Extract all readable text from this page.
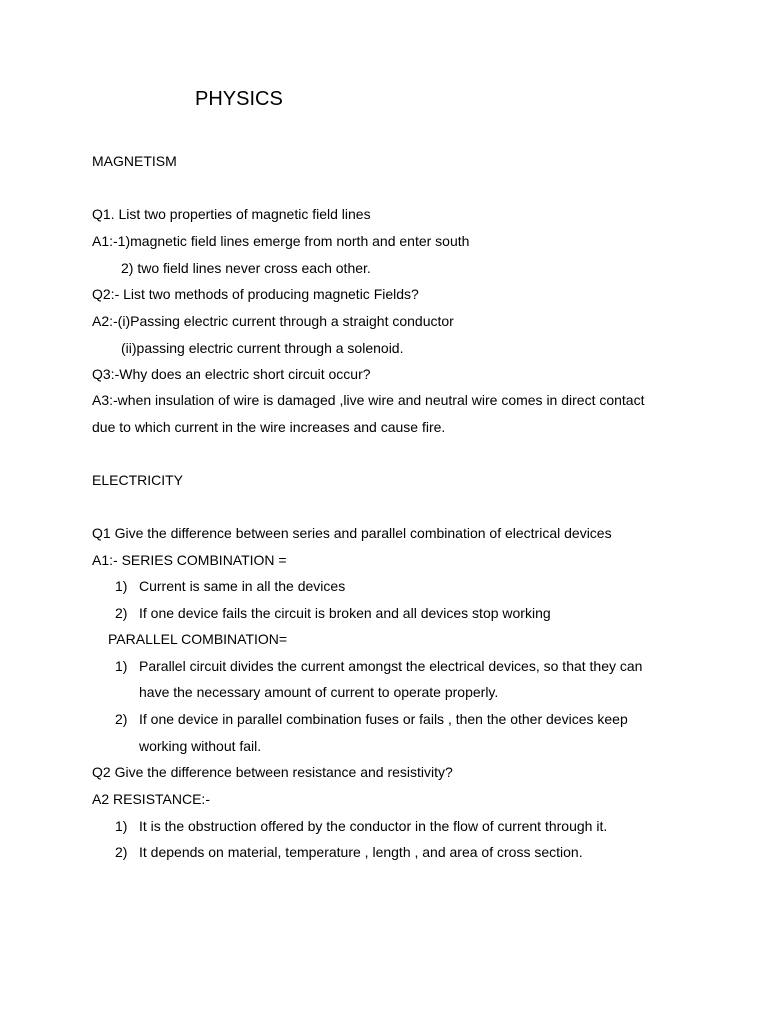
PHYSICS
MAGNETISM
Q1. List two properties of magnetic field lines
A1:-1)magnetic field lines emerge from north and enter south
2) two field lines never cross each other.
Q2:- List two methods of producing magnetic Fields?
A2:-(i)Passing electric current through a straight conductor
(ii)passing electric current through a solenoid.
Q3:-Why does an electric short circuit occur?
A3:-when insulation of wire is damaged ,live wire and neutral wire comes in direct contact
due to which current in the wire increases and cause fire.
ELECTRICITY
Q1 Give the difference between series and parallel combination of electrical devices
A1:- SERIES COMBINATION =
1) Current is same in all the devices
2) If one device fails the circuit is broken and all devices stop working
PARALLEL COMBINATION=
1) Parallel circuit divides the current amongst the electrical devices, so that they can
have the necessary amount of current to operate properly.
2) If one device in parallel combination fuses or fails , then the other devices keep
working without fail.
Q2 Give the difference between resistance and resistivity?
A2 RESISTANCE:-
1) It is the obstruction offered by the conductor in the flow of current through it.
2) It depends on material, temperature , length , and area of cross section.
